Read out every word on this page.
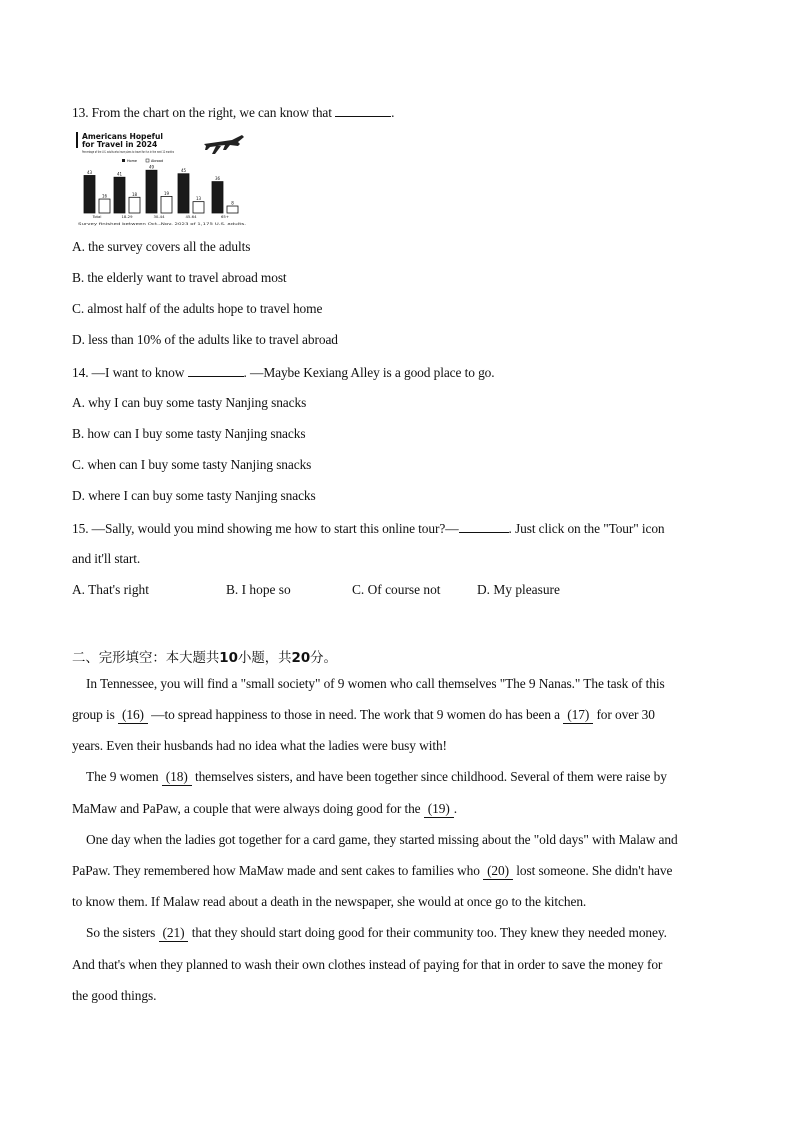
13. From the chart on the right, we can know that	.
Americans Hopeful for Travel in 2024
Percentage of the U.S. adults who have plans to travel for fun in the next 12 months
Home	Abroad
43
16
41
18
49
19
45
13
36
8
Total	18-29	30-44	45-64	65+
Survey finished between Oct.-Nov. 2023 of 1,175 U.S. adults.
A. the survey covers all the adults
B. the elderly want to travel abroad most
C. almost half of the adults hope to travel home
D. less than 10% of the adults like to travel abroad
14. —I want to know	. —Maybe Kexiang Alley is a good place to go.
A. why I can buy some tasty Nanjing snacks
B. how can I buy some tasty Nanjing snacks
C. when can I buy some tasty Nanjing snacks
D. where I can buy some tasty Nanjing snacks
15. —Sally, would you mind showing me how to start this online tour?—	. Just click on the "Tour" icon
and it'll start.
A. That's right	B. I hope so	C. Of course not	D. My pleasure
二、完形填空：本大题共10小题，共20分。
In Tennessee, you will find a "small society" of 9 women who call themselves "The 9 Nanas." The task of this
group is (16) —to spread happiness to those in need. The work that 9 women do has been a (17) for over 30
years. Even their husbands had no idea what the ladies were busy with!
The 9 women (18) themselves sisters, and have been together since childhood. Several of them were raise by
MaMaw and PaPaw, a couple that were always doing good for the (19) .
One day when the ladies got together for a card game, they started missing about the "old days" with Malaw and
PaPaw. They remembered how MaMaw made and sent cakes to families who (20) lost someone. She didn't have
to know them. If Malaw read about a death in the newspaper, she would at once go to the kitchen.
So the sisters (21) that they should start doing good for their community too. They knew they needed money.
And that's when they planned to wash their own clothes instead of paying for that in order to save the money for
the good things.
